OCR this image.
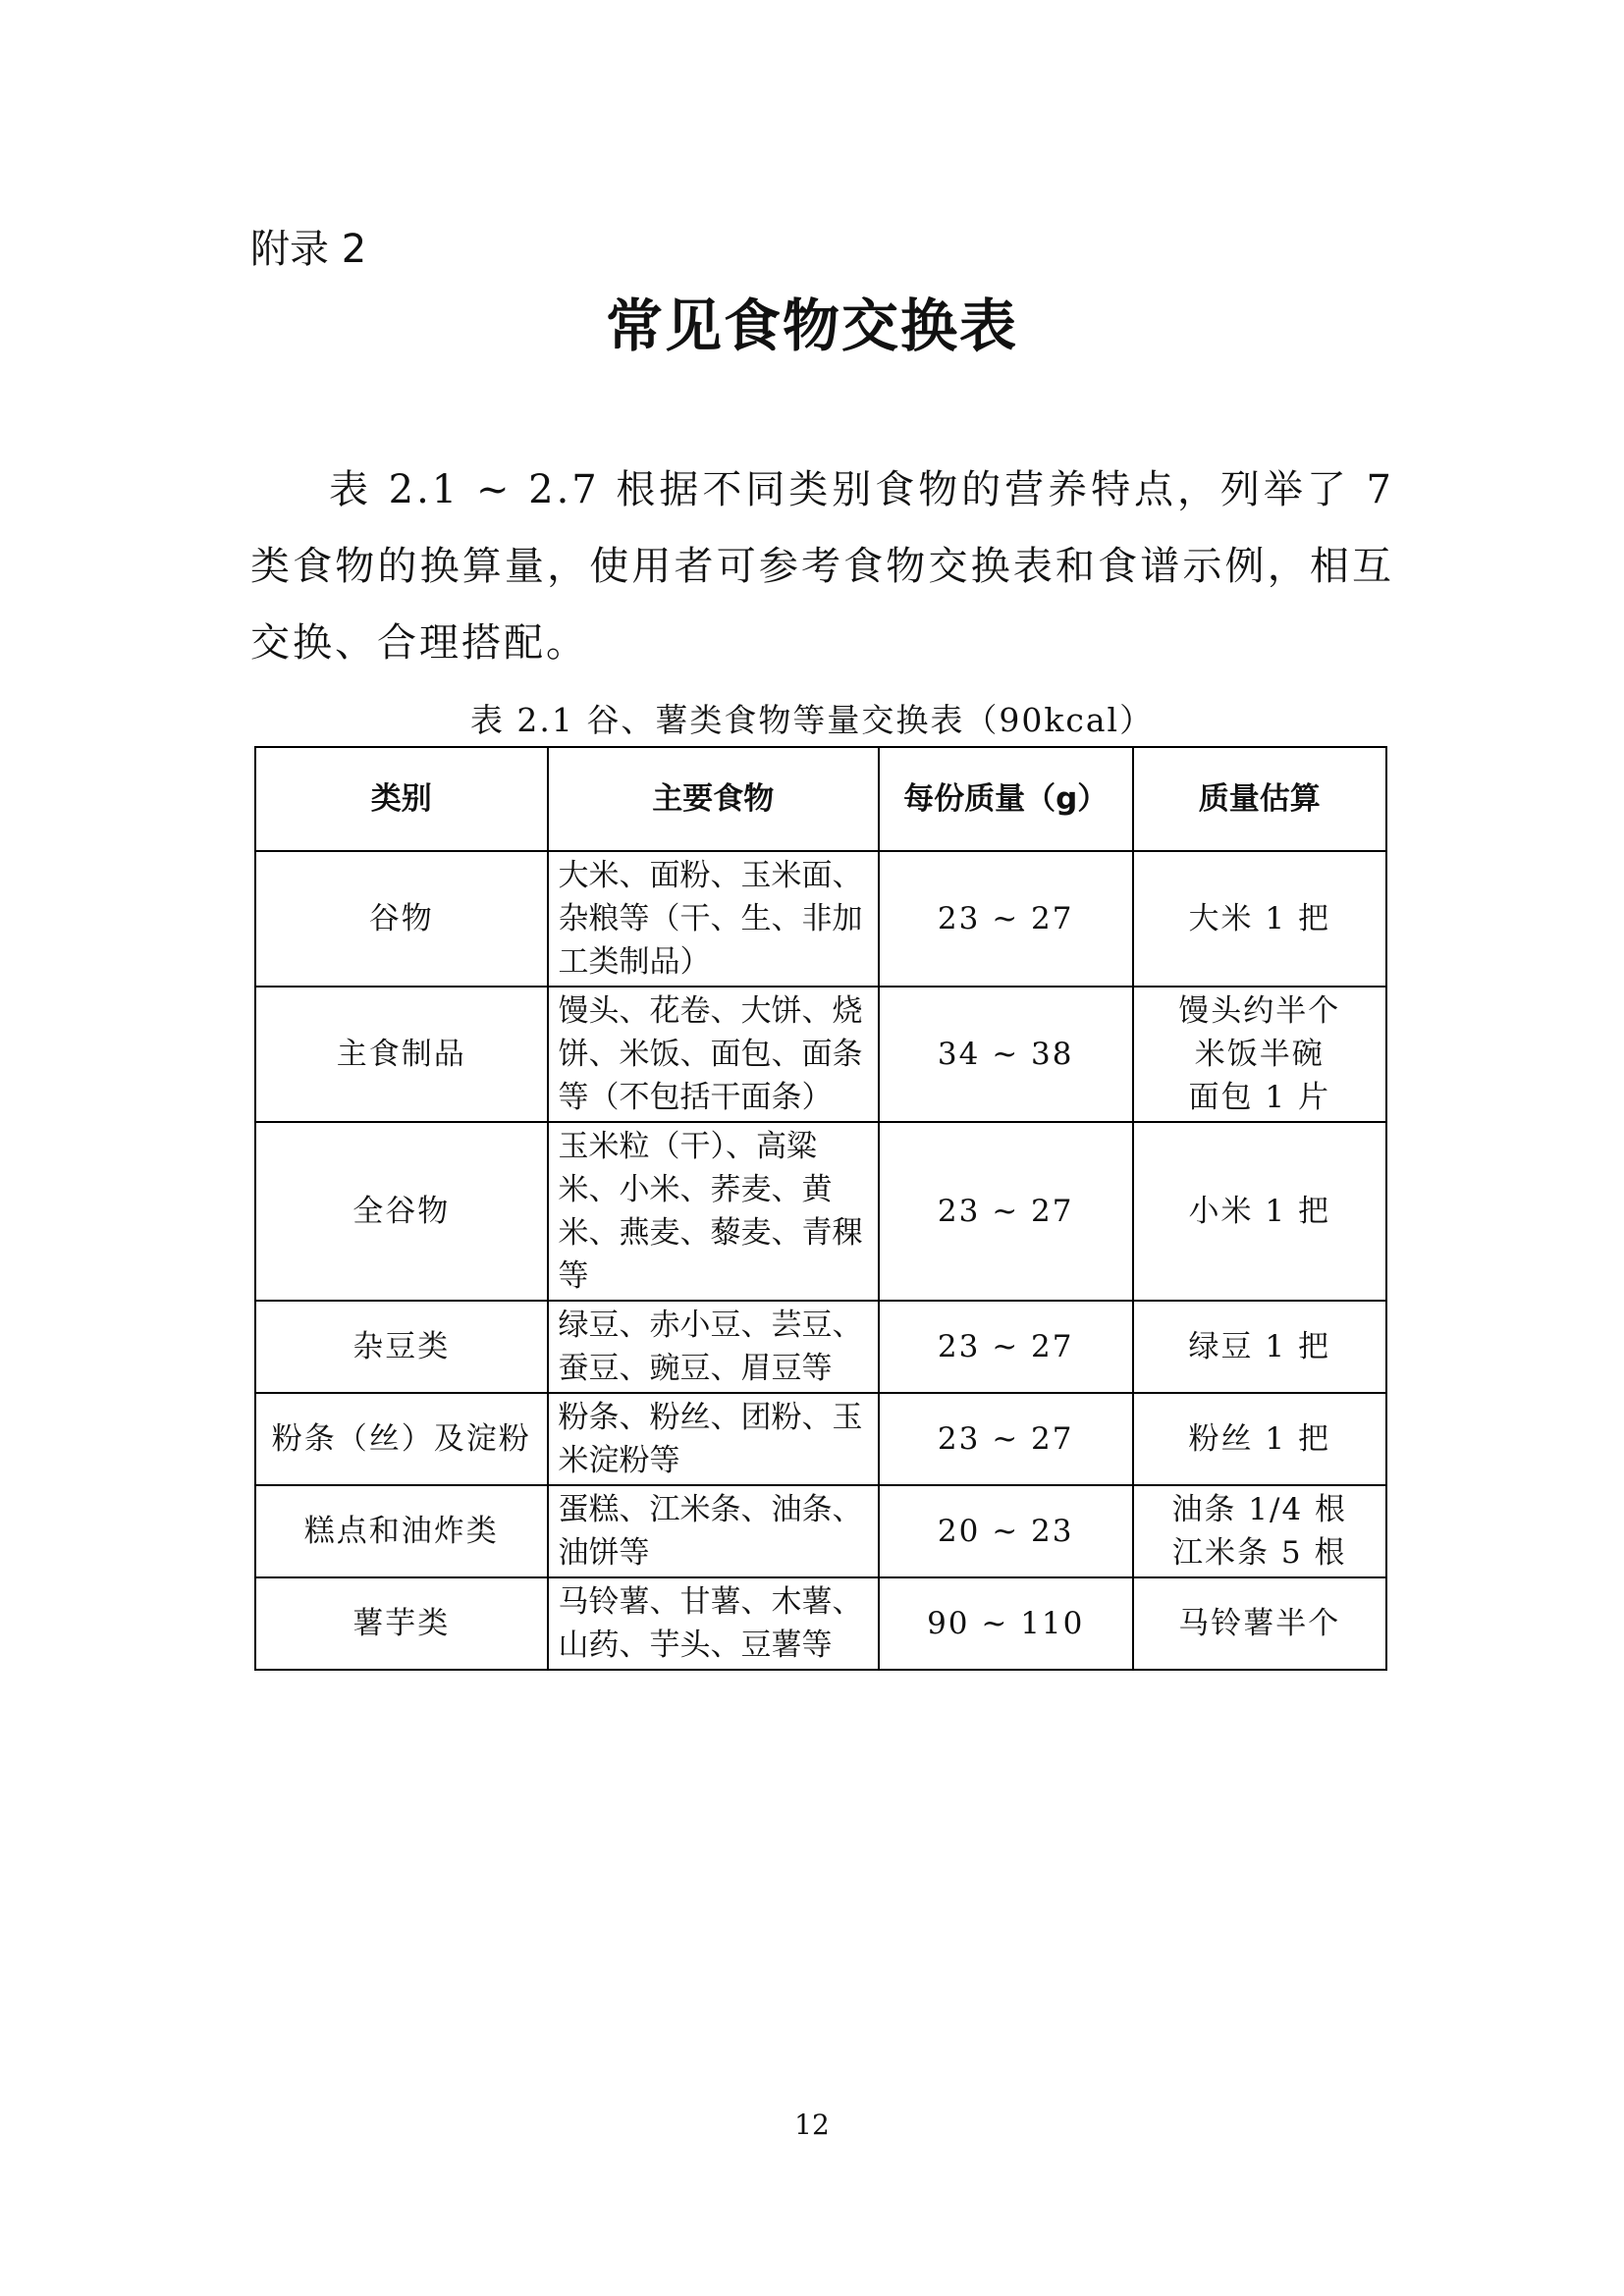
附录 2
常见食物交换表
表 2.1 ~ 2.7 根据不同类别食物的营养特点，列举了 7 类食物的换算量，使用者可参考食物交换表和食谱示例，相互交换、合理搭配。
表 2.1 谷、薯类食物等量交换表（90kcal）
类别	主要食物	每份质量（g）	质量估算
谷物	大米、面粉、玉米面、杂粮等（干、生、非加工类制品）	23 ~ 27	大米 1 把
主食制品	馒头、花卷、大饼、烧饼、米饭、面包、面条等（不包括干面条）	34 ~ 38	馒头约半个
米饭半碗
面包 1 片
全谷物	玉米粒（干）、高粱米、小米、荞麦、黄米、燕麦、藜麦、青稞等	23 ~ 27	小米 1 把
杂豆类	绿豆、赤小豆、芸豆、蚕豆、豌豆、眉豆等	23 ~ 27	绿豆 1 把
粉条（丝）及淀粉	粉条、粉丝、团粉、玉米淀粉等	23 ~ 27	粉丝 1 把
糕点和油炸类	蛋糕、江米条、油条、油饼等	20 ~ 23	油条 1/4 根
江米条 5 根
薯芋类	马铃薯、甘薯、木薯、山药、芋头、豆薯等	90 ~ 110	马铃薯半个
12
